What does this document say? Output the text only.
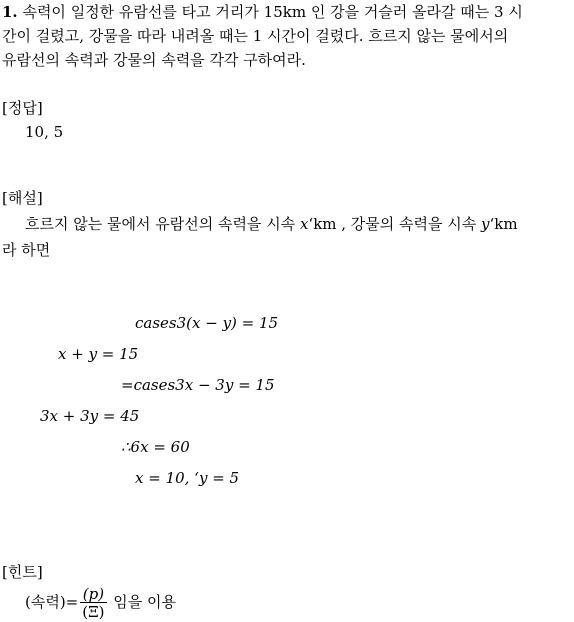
1. 속력이 일정한 유람선를 타고 거리가 15km 인 강을 거슬러 올라갈 때는 3 시
간이 걸렸고, 강물을 따라 내려올 때는 1 시간이 걸렸다. 흐르지 않는 물에서의
유람선의 속력과 강물의 속력을 각각 구하여라.
[정답]
10, 5
[해설]
흐르지 않는 물에서 유람선의 속력을 시속 x‘km , 강물의 속력을 시속 y‘km
라 하면
cases3(x − y) = 15
x + y = 15
=cases3x − 3y = 15
3x + 3y = 45
∴6x = 60
x = 10, ‘y = 5
[힌트]
(속력)= $\frac{(p)}{(\Xi)}$ 임을 이용
